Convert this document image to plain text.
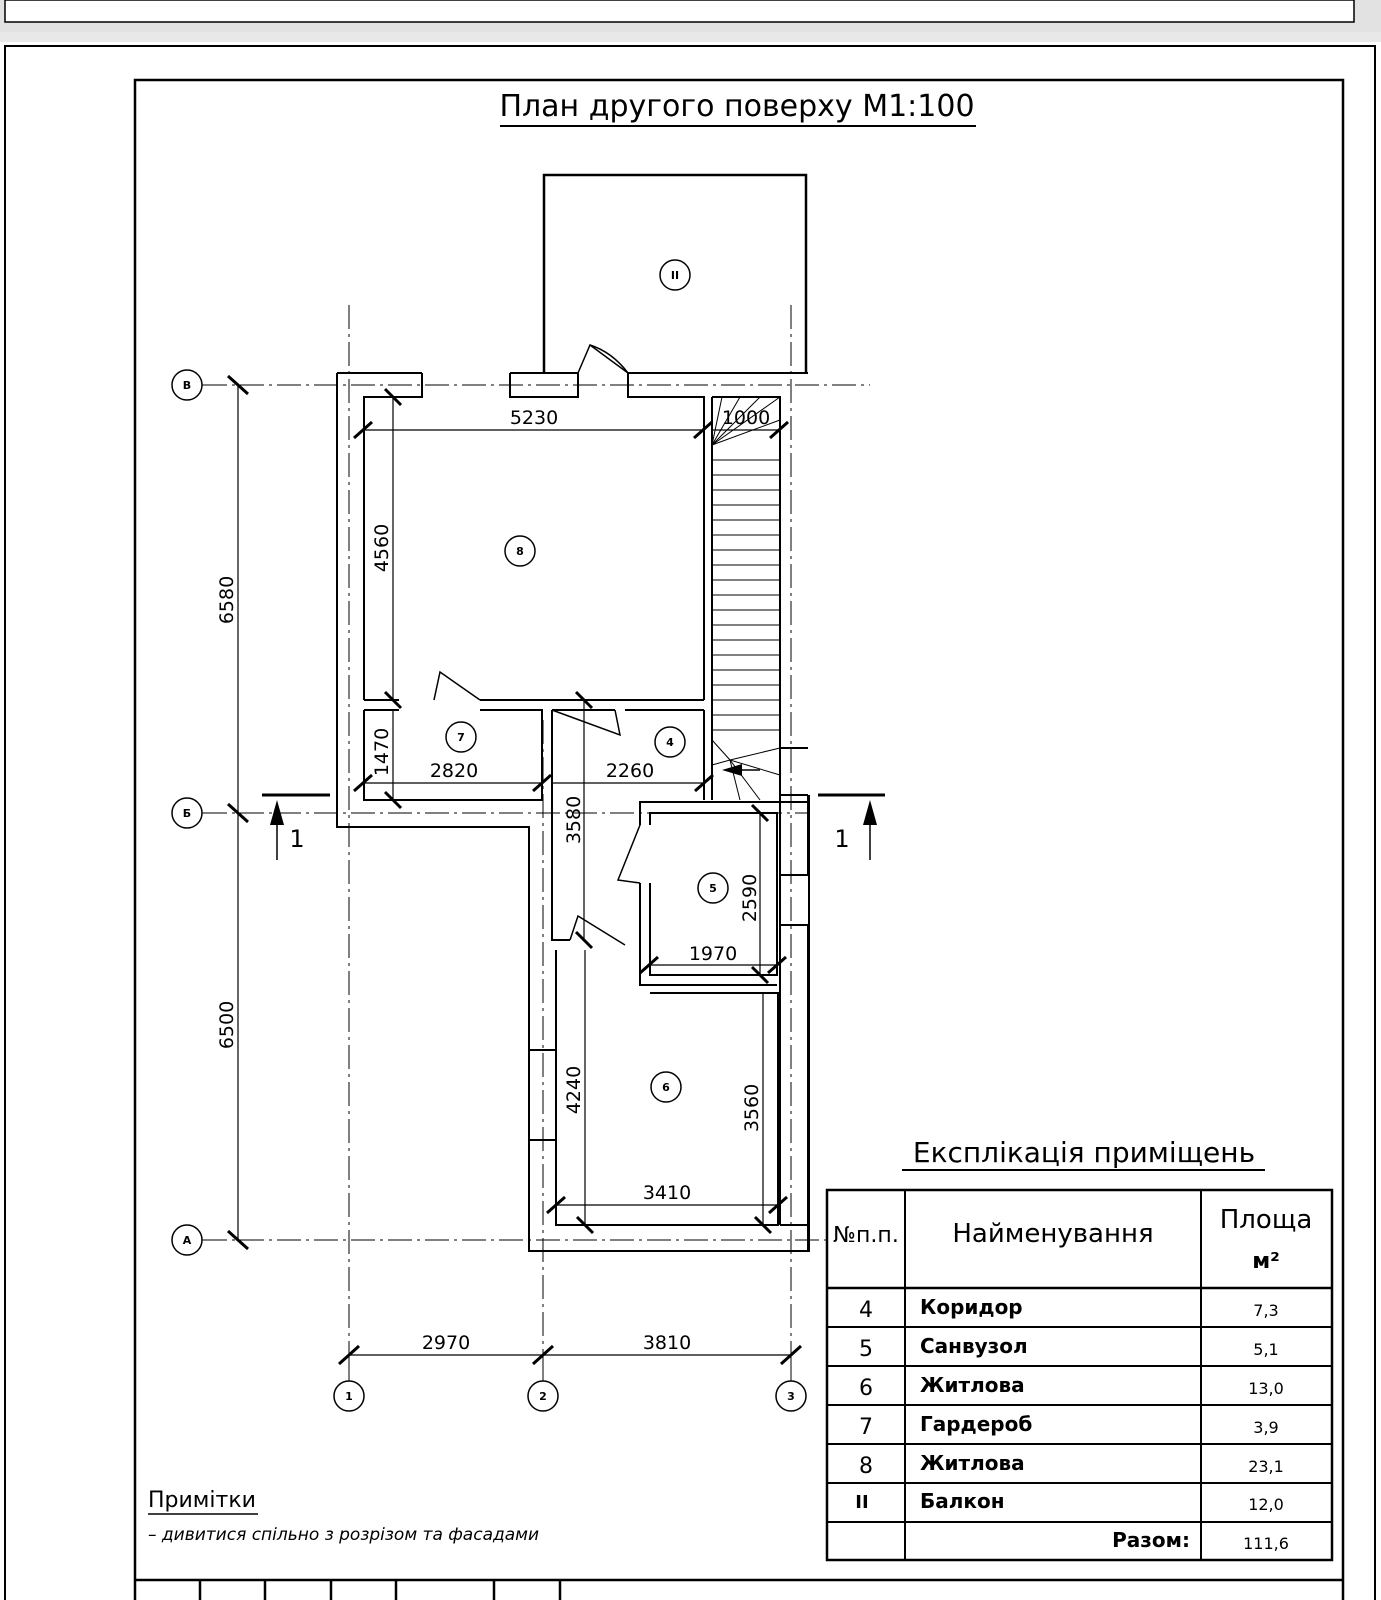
План другого поверху М1:100
5230	1000
4560
1470 2820	2260
3580
2590
1970
4240	3560
3410
6580
6500
2970	3810
В
Б
А
1	2	3
1	1
II
8
7	4
5
6
Експлікація приміщень
№п.п. Найменування	Площа
м²
4 Коридор	7,3
5 Санвузол	5,1
6 Житлова	13,0
7 Гардероб	3,9
8 Житлова	23,1
II	Балкон	12,0
Разом:	111,6
Примітки
– дивитися спільно з розрізом та фасадами
